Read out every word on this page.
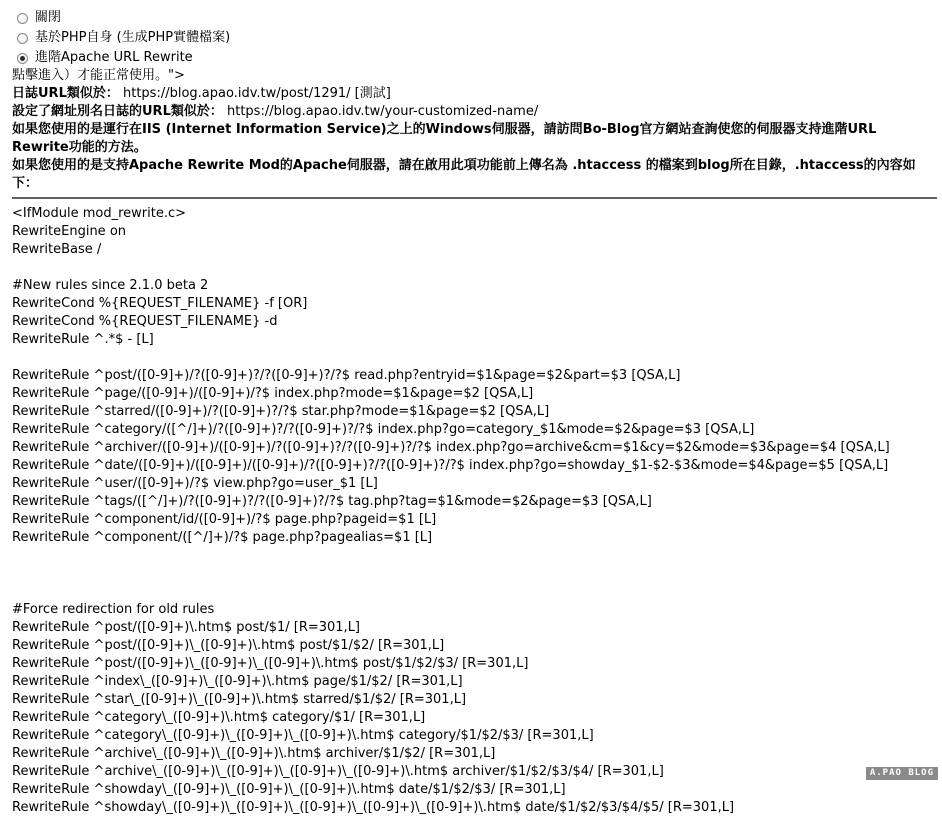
關閉
基於PHP自身 (生成PHP實體檔案)
進階Apache URL Rewrite
點擊進入）才能正常使用。">
日誌URL類似於： https://blog.apao.idv.tw/post/1291/ [測試]
設定了網址別名日誌的URL類似於： https://blog.apao.idv.tw/your-customized-name/
如果您使用的是運行在IIS (Internet Information Service)之上的Windows伺服器，請訪問Bo-Blog官方網站查詢使您的伺服器支持進階URL Rewrite功能的方法。
如果您使用的是支持Apache Rewrite Mod的Apache伺服器，請在啟用此項功能前上傳名為 .htaccess 的檔案到blog所在目錄，.htaccess的內容如下：
<IfModule mod_rewrite.c>
RewriteEngine on
RewriteBase /
#New rules since 2.1.0 beta 2
RewriteCond %{REQUEST_FILENAME} -f [OR]
RewriteCond %{REQUEST_FILENAME} -d
RewriteRule ^.*$ - [L]
RewriteRule ^post/([0-9]+)/?([0-9]+)?/?([0-9]+)?/?$ read.php?entryid=$1&page=$2&part=$3 [QSA,L]
RewriteRule ^page/([0-9]+)/([0-9]+)/?$ index.php?mode=$1&page=$2 [QSA,L]
RewriteRule ^starred/([0-9]+)/?([0-9]+)?/?$ star.php?mode=$1&page=$2 [QSA,L]
RewriteRule ^category/([^/]+)/?([0-9]+)?/?([0-9]+)?/?$ index.php?go=category_$1&mode=$2&page=$3 [QSA,L]
RewriteRule ^archiver/([0-9]+)/([0-9]+)/?([0-9]+)?/?([0-9]+)?/?$ index.php?go=archive&cm=$1&cy=$2&mode=$3&page=$4 [QSA,L]
RewriteRule ^date/([0-9]+)/([0-9]+)/([0-9]+)/?([0-9]+)?/?([0-9]+)?/?$ index.php?go=showday_$1-$2-$3&mode=$4&page=$5 [QSA,L]
RewriteRule ^user/([0-9]+)/?$ view.php?go=user_$1 [L]
RewriteRule ^tags/([^/]+)/?([0-9]+)?/?([0-9]+)?/?$ tag.php?tag=$1&mode=$2&page=$3 [QSA,L]
RewriteRule ^component/id/([0-9]+)/?$ page.php?pageid=$1 [L]
RewriteRule ^component/([^/]+)/?$ page.php?pagealias=$1 [L]
#Force redirection for old rules
RewriteRule ^post/([0-9]+)\.htm$ post/$1/ [R=301,L]
RewriteRule ^post/([0-9]+)\_([0-9]+)\.htm$ post/$1/$2/ [R=301,L]
RewriteRule ^post/([0-9]+)\_([0-9]+)\_([0-9]+)\.htm$ post/$1/$2/$3/ [R=301,L]
RewriteRule ^index\_([0-9]+)\_([0-9]+)\.htm$ page/$1/$2/ [R=301,L]
RewriteRule ^star\_([0-9]+)\_([0-9]+)\.htm$ starred/$1/$2/ [R=301,L]
RewriteRule ^category\_([0-9]+)\.htm$ category/$1/ [R=301,L]
RewriteRule ^category\_([0-9]+)\_([0-9]+)\_([0-9]+)\.htm$ category/$1/$2/$3/ [R=301,L]
RewriteRule ^archive\_([0-9]+)\_([0-9]+)\.htm$ archiver/$1/$2/ [R=301,L]
RewriteRule ^archive\_([0-9]+)\_([0-9]+)\_([0-9]+)\_([0-9]+)\.htm$ archiver/$1/$2/$3/$4/ [R=301,L]
RewriteRule ^showday\_([0-9]+)\_([0-9]+)\_([0-9]+)\.htm$ date/$1/$2/$3/ [R=301,L]
RewriteRule ^showday\_([0-9]+)\_([0-9]+)\_([0-9]+)\_([0-9]+)\_([0-9]+)\.htm$ date/$1/$2/$3/$4/$5/ [R=301,L]
A.PAO BLOG
